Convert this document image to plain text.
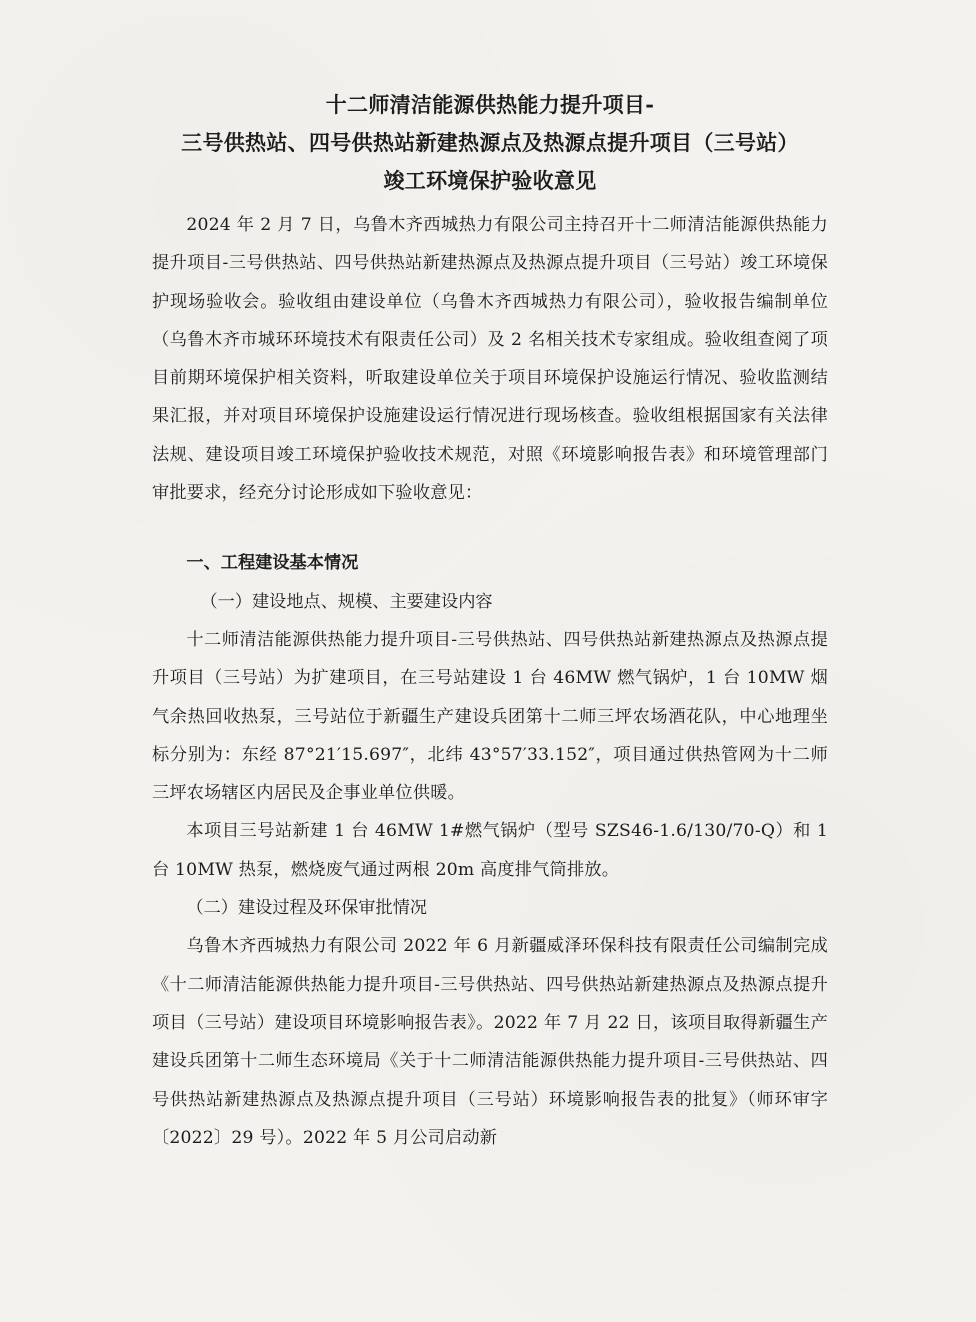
十二师清洁能源供热能力提升项目-
三号供热站、四号供热站新建热源点及热源点提升项目（三号站）
竣工环境保护验收意见

2024 年 2 月 7 日，乌鲁木齐西城热力有限公司主持召开十二师清洁能源供热能力提升项目-三号供热站、四号供热站新建热源点及热源点提升项目（三号站）竣工环境保护现场验收会。验收组由建设单位（乌鲁木齐西城热力有限公司），验收报告编制单位（乌鲁木齐市城环环境技术有限责任公司）及 2 名相关技术专家组成。验收组查阅了项目前期环境保护相关资料，听取建设单位关于项目环境保护设施运行情况、验收监测结果汇报，并对项目环境保护设施建设运行情况进行现场核查。验收组根据国家有关法律法规、建设项目竣工环境保护验收技术规范，对照《环境影响报告表》和环境管理部门审批要求，经充分讨论形成如下验收意见：

一、工程建设基本情况

（一）建设地点、规模、主要建设内容

十二师清洁能源供热能力提升项目-三号供热站、四号供热站新建热源点及热源点提升项目（三号站）为扩建项目，在三号站建设 1 台 46MW 燃气锅炉，1 台 10MW 烟气余热回收热泵，三号站位于新疆生产建设兵团第十二师三坪农场酒花队，中心地理坐标分别为：东经 87°21′15.697″，北纬 43°57′33.152″，项目通过供热管网为十二师三坪农场辖区内居民及企事业单位供暖。

本项目三号站新建 1 台 46MW 1#燃气锅炉（型号 SZS46-1.6/130/70-Q）和 1 台 10MW 热泵，燃烧废气通过两根 20m 高度排气筒排放。

（二）建设过程及环保审批情况

乌鲁木齐西城热力有限公司 2022 年 6 月新疆威泽环保科技有限责任公司编制完成《十二师清洁能源供热能力提升项目-三号供热站、四号供热站新建热源点及热源点提升项目（三号站）建设项目环境影响报告表》。2022 年 7 月 22 日，该项目取得新疆生产建设兵团第十二师生态环境局《关于十二师清洁能源供热能力提升项目-三号供热站、四号供热站新建热源点及热源点提升项目（三号站）环境影响报告表的批复》（师环审字〔2022〕29 号）。2022 年 5 月公司启动新
